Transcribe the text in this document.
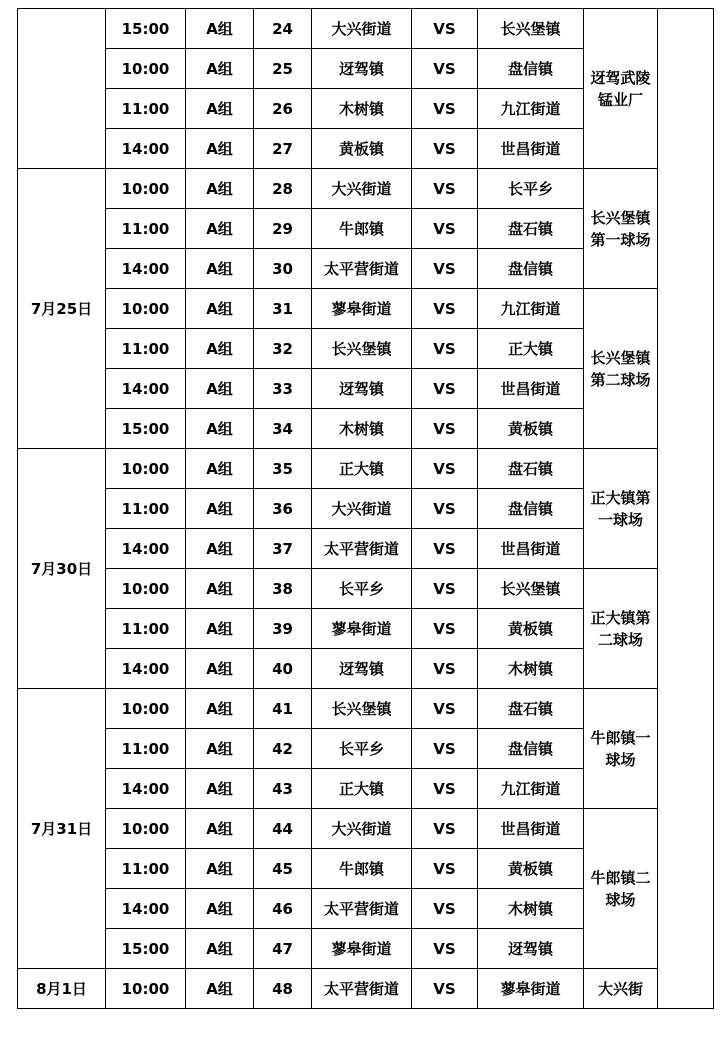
	15:00	A组	24	大兴街道	VS	长兴堡镇	迓驾武陵锰业厂	
	10:00	A组	25	迓驾镇	VS	盘信镇		
	11:00	A组	26	木树镇	VS	九江街道		
	14:00	A组	27	黄板镇	VS	世昌街道		
7月25日	10:00	A组	28	大兴街道	VS	长平乡	长兴堡镇第一球场	
	11:00	A组	29	牛郎镇	VS	盘石镇		
	14:00	A组	30	太平营街道	VS	盘信镇		
	10:00	A组	31	蓼皋街道	VS	九江街道	长兴堡镇第二球场	
	11:00	A组	32	长兴堡镇	VS	正大镇		
	14:00	A组	33	迓驾镇	VS	世昌街道		
	15:00	A组	34	木树镇	VS	黄板镇		
7月30日	10:00	A组	35	正大镇	VS	盘石镇	正大镇第一球场	
	11:00	A组	36	大兴街道	VS	盘信镇		
	14:00	A组	37	太平营街道	VS	世昌街道		
	10:00	A组	38	长平乡	VS	长兴堡镇	正大镇第二球场	
	11:00	A组	39	蓼皋街道	VS	黄板镇		
	14:00	A组	40	迓驾镇	VS	木树镇		
7月31日	10:00	A组	41	长兴堡镇	VS	盘石镇	牛郎镇一球场	
	11:00	A组	42	长平乡	VS	盘信镇		
	14:00	A组	43	正大镇	VS	九江街道		
	10:00	A组	44	大兴街道	VS	世昌街道	牛郎镇二球场	
	11:00	A组	45	牛郎镇	VS	黄板镇		
	14:00	A组	46	太平营街道	VS	木树镇		
	15:00	A组	47	蓼皋街道	VS	迓驾镇		
8月1日	10:00	A组	48	太平营街道	VS	蓼皋街道	大兴街	
